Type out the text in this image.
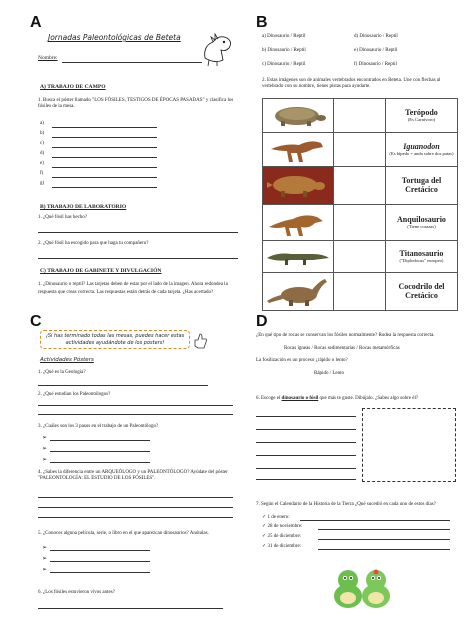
A
Jornadas Paleontológicas de Beteta
Nombre:
A) TRABAJO DE CAMPO
1. Busca el póster llamado "LOS FÓSILES, TESTIGOS DE ÉPOCAS PASADAS" y clasifica los fósiles de la mesa.
a)
b)
c)
d)
e)
f)
g)
B) TRABAJO DE LABORATORIO
1. ¿Qué fósil has hecho?
2. ¿Qué fósil ha escogido para que haga tu compañero?
C) TRABAJO DE GABINETE Y DIVULGACIÓN
1. ¿Dinosaurio o reptil? Las tarjetas deben de estar por el lado de la imagen. Ahora redondea la respuesta que creas correcta. Las respuestas están detrás de cada tarjeta. ¿Has acertado?
B
a) Dinosaurio / Reptil	d) Dinosaurio / Reptil
b) Dinosaurio / Reptil	e) Dinosaurio / Reptil
c) Dinosaurio / Reptil	f) Dinosaurio / Reptil
2. Estas imágenes son de animales vertebrados encontrados en Beteta. Une con flechas al vertebrado con su nombre, tienes pistas para ayudarte.

Terópodo
(Es Carnívoro)

Iguanodon
(Es bípedo + anda sobre dos patas)

Tortuga del Cretácico

Anquilosaurio
(Tiene corazas)

Titanosaurio
("Diplodocus" europeo)

Cocodrilo del Cretácico
C
¡Si has terminado todas las mesas, puedes hacer estas actividades ayudándote de los pósters!
Actividades Pósters
1. ¿Qué es la Geología?
2. ¿Qué estudian los Paleontólogos?
3. ¿Cuáles son los 3 pasos en el trabajo de un Paleontólogo?
➢
➢
➢
4. ¿Sabes la diferencia entre un ARQUEÓLOGO y un PALEONTÓLOGO? Ayúdate del póster "PALEONTOLOGÍA: EL ESTUDIO DE LOS FÓSILES".
5. ¿Conoces alguna película, serie, o libro en el que aparezcan dinosaurios? Anótalas.
➢
➢
➢
6. ¿Los fósiles estuvieron vivos antes?
D
¿En qué tipo de rocas se conservan los fósiles normalmente? Rodea la respuesta correcta.
Rocas ígneas / Rocas sedimentarias / Rocas metamórficas
La fosilización es un proceso ¿rápido o lento?
Rápido / Lento
6. Escoge el dinosaurio o fósil que más te guste. Dibújalo. ¿Sabes algo sobre él?
7. Según el Calendario de la Historia de la Tierra ¿Qué sucedió en cada uno de estos días?
✓ 1 de enero:
✓ 28 de noviembre:
✓ 25 de diciembre:
✓ 31 de diciembre:
